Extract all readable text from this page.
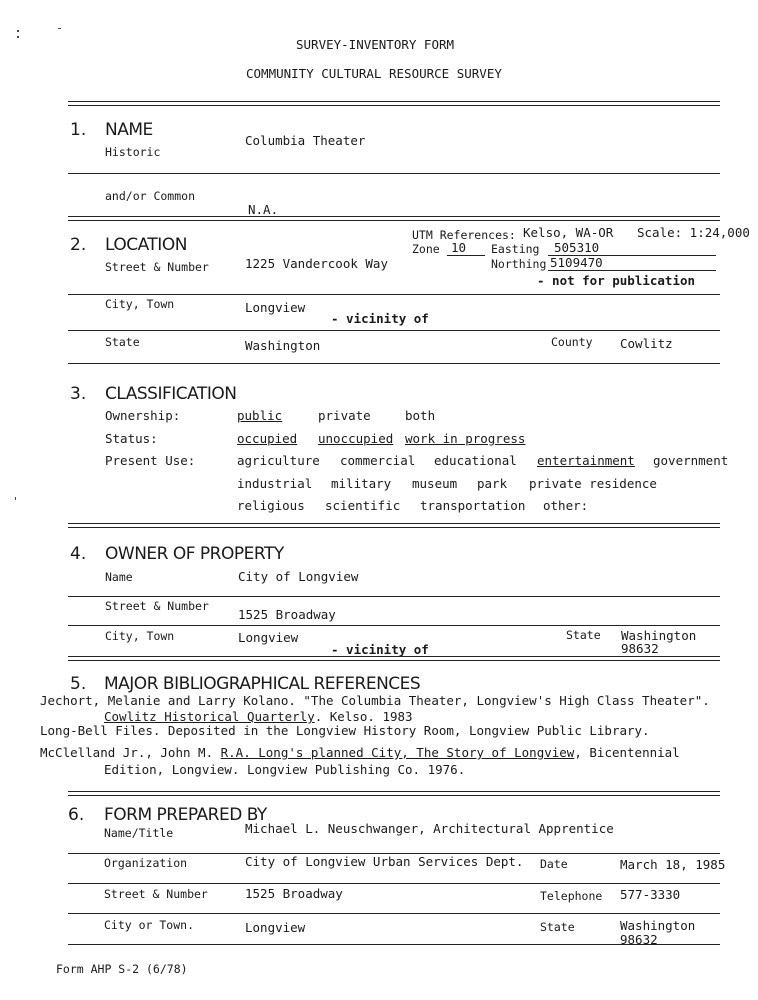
SURVEY-INVENTORY FORM
COMMUNITY CULTURAL RESOURCE SURVEY
1. NAME
Historic
Columbia Theater
and/or Common
N.A.
2. LOCATION
Street & Number	1225 Vandercook Way
UTM References: Kelso, WA-OR Scale: 1:24,000
Zone 10 Easting 505310
Northing 5109470
- not for publication
City, Town	Longview
- vicinity of
State	Washington	County Cowlitz
3. CLASSIFICATION
Ownership:	public	private	both
Status:	occupied unoccupied work in progress
Present Use:	agriculture commercial educational entertainment government
industrial military museum park private residence
religious scientific transportation other:
4. OWNER OF PROPERTY
Name	City of Longview
Street & Number
1525 Broadway
City, Town	Longview
- vicinity of
State Washington
98632
5. MAJOR BIBLIOGRAPHICAL REFERENCES
Jechort, Melanie and Larry Kolano. "The Columbia Theater, Longview's High Class Theater".
Cowlitz Historical Quarterly. Kelso. 1983
Long-Bell Files. Deposited in the Longview History Room, Longview Public Library.
McClelland Jr., John M. R.A. Long's planned City, The Story of Longview, Bicentennial
Edition, Longview. Longview Publishing Co. 1976.
6. FORM PREPARED BY
Name/Title	Michael L. Neuschwanger, Architectural Apprentice
Organization	City of Longview Urban Services Dept. Date	March 18, 1985
Street & Number	1525 Broadway	Telephone 577-3330
City or Town.	Longview	State	Washington
98632
Form AHP S-2 (6/78)
